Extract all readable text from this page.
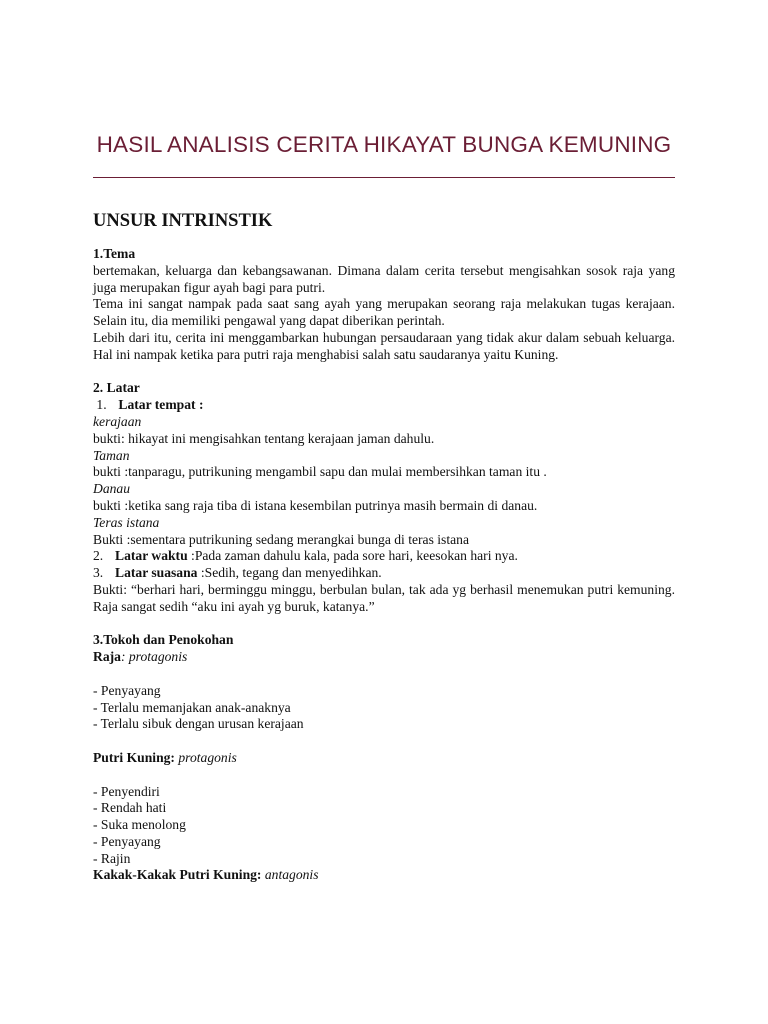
HASIL ANALISIS CERITA HIKAYAT BUNGA KEMUNING
UNSUR INTRINSTIK
1.Tema
bertemakan, keluarga dan kebangsawanan. Dimana dalam cerita tersebut mengisahkan sosok raja yang juga merupakan figur ayah bagi para putri.
Tema ini sangat nampak pada saat sang ayah yang merupakan seorang raja melakukan tugas kerajaan. Selain itu, dia memiliki pengawal yang dapat diberikan perintah.
Lebih dari itu, cerita ini menggambarkan hubungan persaudaraan yang tidak akur dalam sebuah keluarga. Hal ini nampak ketika para putri raja menghabisi salah satu saudaranya yaitu Kuning.
2. Latar
1. Latar tempat :
kerajaan
bukti: hikayat ini mengisahkan tentang kerajaan jaman dahulu.
Taman
bukti :tanparagu, putrikuning mengambil sapu dan mulai membersihkan taman itu .
Danau
bukti :ketika sang raja tiba di istana kesembilan putrinya masih bermain di danau.
Teras istana
Bukti :sementara putrikuning sedang merangkai bunga di teras istana
2. Latar waktu :Pada zaman dahulu kala, pada sore hari, keesokan hari nya.
3. Latar suasana :Sedih, tegang dan menyedihkan.
Bukti: “berhari hari, berminggu minggu, berbulan bulan, tak ada yg berhasil menemukan putri kemuning. Raja sangat sedih “aku ini ayah yg buruk, katanya.”
3.Tokoh dan Penokohan
Raja: protagonis
- Penyayang
- Terlalu memanjakan anak-anaknya
- Terlalu sibuk dengan urusan kerajaan
Putri Kuning: protagonis
- Penyendiri
- Rendah hati
- Suka menolong
- Penyayang
- Rajin
Kakak-Kakak Putri Kuning: antagonis
